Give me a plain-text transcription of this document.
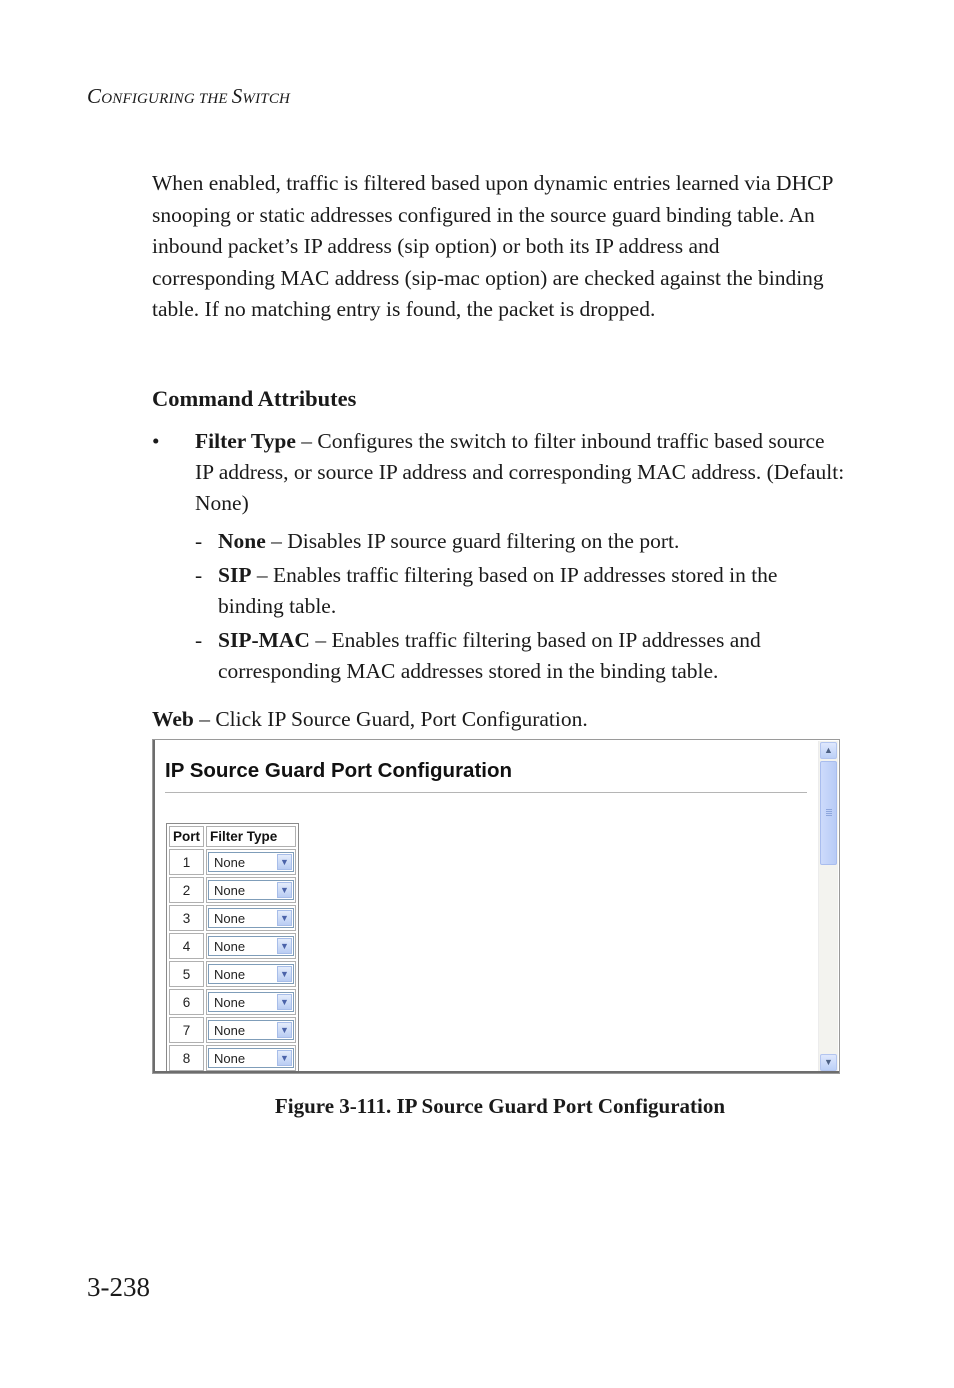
CONFIGURING THE SWITCH

When enabled, traffic is filtered based upon dynamic entries learned via DHCP snooping or static addresses configured in the source guard binding table. An inbound packet’s IP address (sip option) or both its IP address and corresponding MAC address (sip-mac option) are checked against the binding table. If no matching entry is found, the packet is dropped.

Command Attributes
• Filter Type – Configures the switch to filter inbound traffic based source IP address, or source IP address and corresponding MAC address. (Default: None)
- None – Disables IP source guard filtering on the port.
- SIP – Enables traffic filtering based on IP addresses stored in the binding table.
- SIP-MAC – Enables traffic filtering based on IP addresses and corresponding MAC addresses stored in the binding table.
Web – Click IP Source Guard, Port Configuration.
IP Source Guard Port Configuration
Port	Filter Type
1	None ▼

2	None ▼

3	None ▼

4	None ▼

5	None ▼

6	None ▼

7	None ▼

8	None ▼
▲
▼
Figure 3-111. IP Source Guard Port Configuration
3-238
